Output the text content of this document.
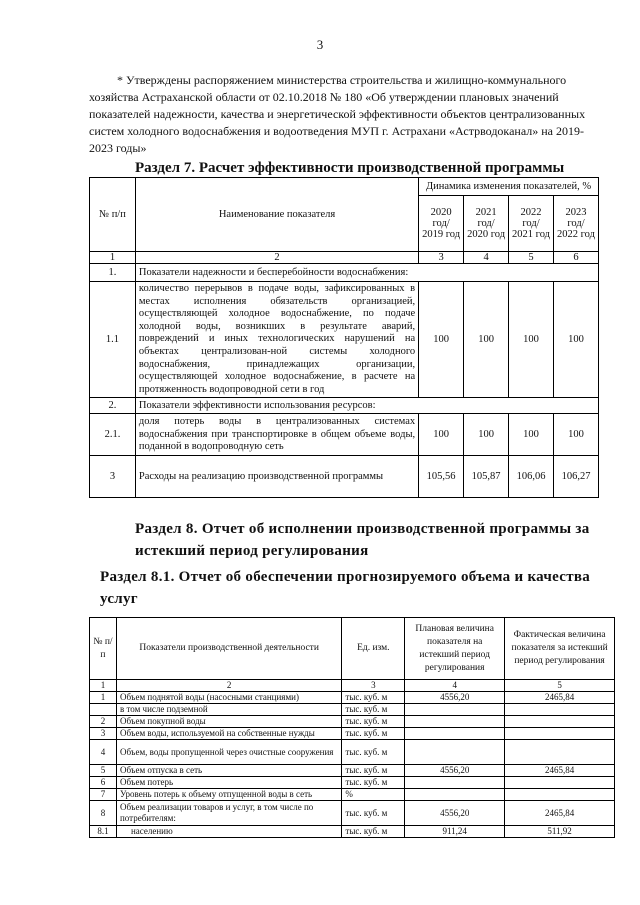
3
* Утверждены распоряжением министерства строительства и жилищно-коммунального хозяйства Астраханской области от 02.10.2018 № 180 «Об утверждении плановых значений показателей надежности, качества и энергетической эффективности объектов централизованных систем холодного водоснабжения и водоотведения МУП г. Астрахани «Астрводоканал» на 2019-2023 годы»
Раздел 7. Расчет эффективности производственной программы
№ п/п	Наименование показателя	Динамика изменения показателей, %			
		2020 год/ 2019 год	2021 год/ 2020 год	2022 год/ 2021 год	2023 год/ 2022 год
1	2	3	4	5	6
1.	Показатели надежности и бесперебойности водоснабжения:				
1.1	количество перерывов в подаче воды, зафиксированных в местах исполнения обязательств организацией, осуществляющей холодное водоснабжение, по подаче холодной воды, возникших в результате аварий, повреждений и иных технологических нарушений на объектах централизован-ной системы холодного водоснабжения, принадлежащих организации, осуществляющей холодное водоснабжение, в расчете на протяженность водопроводной сети в год	100	100	100	100
2.	Показатели эффективности использования ресурсов:				
2.1.	доля потерь воды в централизованных системах водоснабжения при транспортировке в общем объеме воды, поданной в водопроводную сеть	100	100	100	100
3	Расходы на реализацию производственной программы	105,56	105,87	106,06	106,27
Раздел 8. Отчет об исполнении производственной программы за истекший период регулирования
Раздел 8.1. Отчет об обеспечении прогнозируемого объема и качества услуг
№ п/п	Показатели производственной деятельности	Ед. изм.	Плановая величина показателя на истекший период регулирования	Фактическая величина показателя за истекший период регулирования
1	2	3	4	5
1	Объем поднятой воды (насосными станциями)	тыс. куб. м	4556,20	2465,84
	в том числе подземной	тыс. куб. м		
2	Объем покупной воды	тыс. куб. м		
3	Объем воды, используемой на собственные нужды	тыс. куб. м		
4	Объем, воды пропущенной через очистные сооружения	тыс. куб. м		
5	Объем отпуска в сеть	тыс. куб. м	4556,20	2465,84
6	Объем потерь	тыс. куб. м		
7	Уровень потерь к объему отпущенной воды в сеть	%		
8	Объем реализации товаров и услуг, в том числе по потребителям:	тыс. куб. м	4556,20	2465,84
8.1	населению	тыс. куб. м	911,24	511,92
